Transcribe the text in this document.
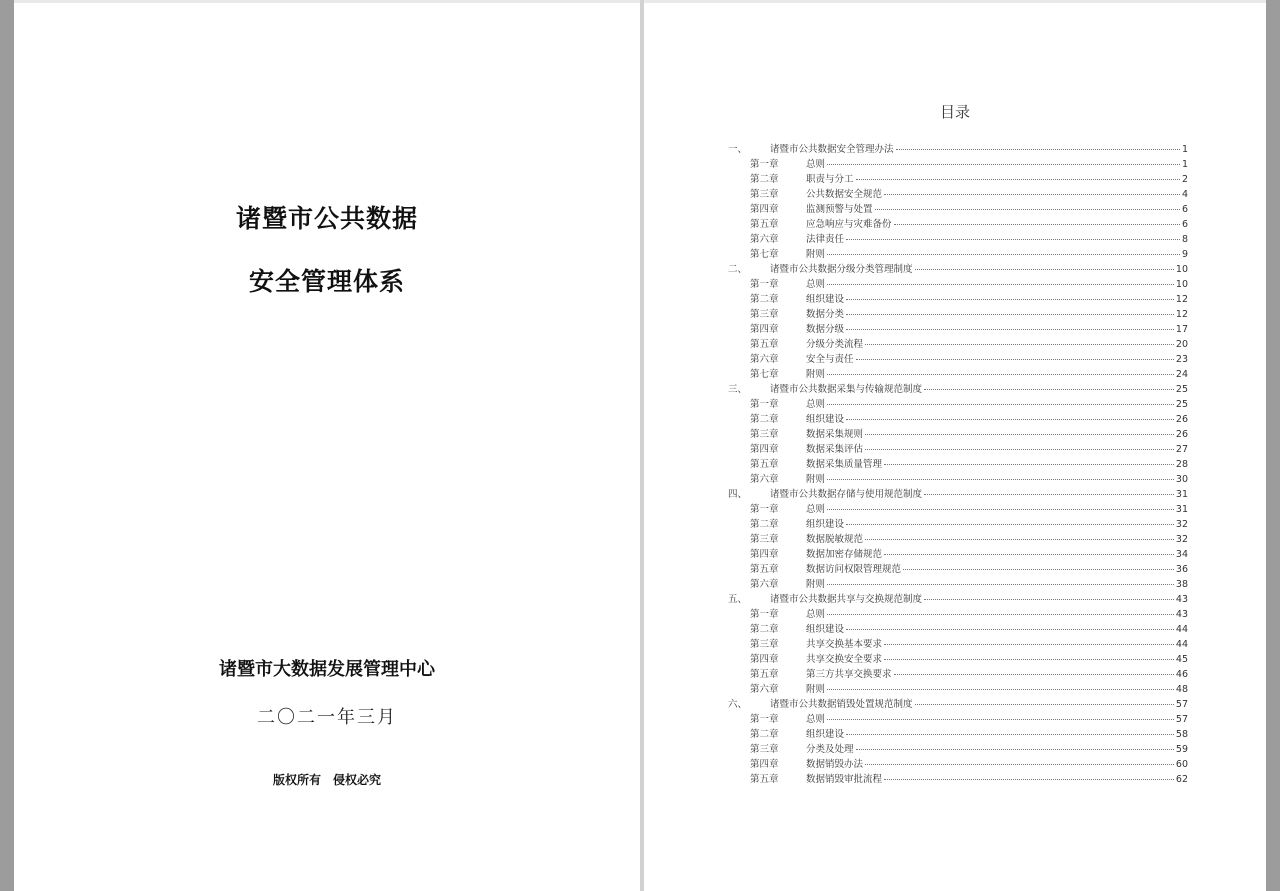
诸暨市公共数据
安全管理体系
诸暨市大数据发展管理中心
二〇二一年三月
版权所有　侵权必究
目录
一、	诸暨市公共数据安全管理办法	1
第一章	总则	1
第二章	职责与分工	2
第三章	公共数据安全规范	4
第四章	监测预警与处置	6
第五章	应急响应与灾难备份	6
第六章	法律责任	8
第七章	附则	9
二、	诸暨市公共数据分级分类管理制度	10
第一章	总则	10
第二章	组织建设	12
第三章	数据分类	12
第四章	数据分级	17
第五章	分级分类流程	20
第六章	安全与责任	23
第七章	附则	24
三、	诸暨市公共数据采集与传输规范制度	25
第一章	总则	25
第二章	组织建设	26
第三章	数据采集规则	26
第四章	数据采集评估	27
第五章	数据采集质量管理	28
第六章	附则	30
四、	诸暨市公共数据存储与使用规范制度	31
第一章	总则	31
第二章	组织建设	32
第三章	数据脱敏规范	32
第四章	数据加密存储规范	34
第五章	数据访问权限管理规范	36
第六章	附则	38
五、	诸暨市公共数据共享与交换规范制度	43
第一章	总则	43
第二章	组织建设	44
第三章	共享交换基本要求	44
第四章	共享交换安全要求	45
第五章	第三方共享交换要求	46
第六章	附则	48
六、	诸暨市公共数据销毁处置规范制度	57
第一章	总则	57
第二章	组织建设	58
第三章	分类及处理	59
第四章	数据销毁办法	60
第五章	数据销毁审批流程	62
